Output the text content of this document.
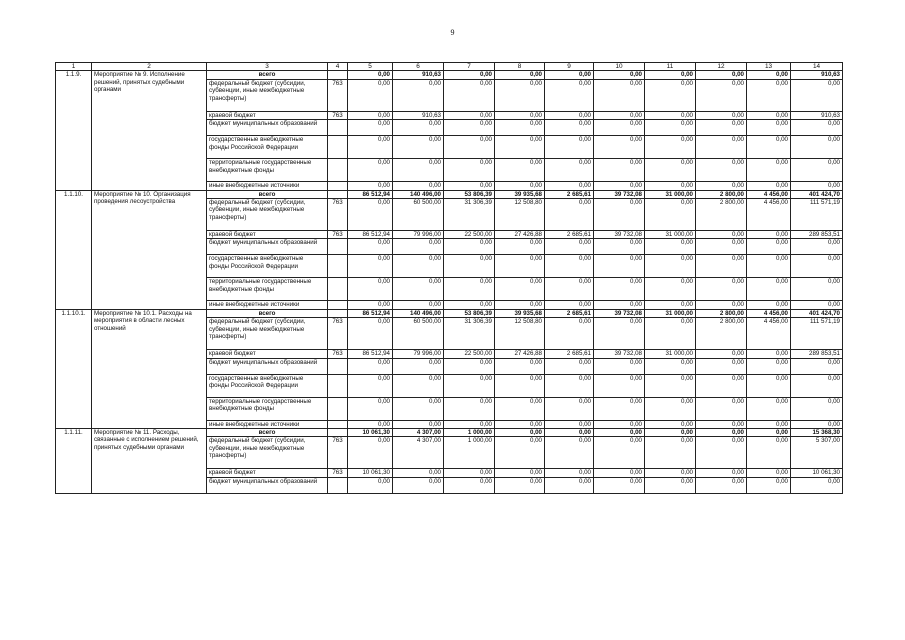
9
1	2	3	4	5	6	7	8	9	10	11	12	13	14
1.1.9.	Мероприятие № 9. Исполнение решений, принятых судебными органами	всего		0,00	910,63	0,00	0,00	0,00	0,00	0,00	0,00	0,00	910,63
		федеральный бюджет (субсидии, субвенции, иные межбюджетные трансферты)	763	0,00	0,00	0,00	0,00	0,00	0,00	0,00	0,00	0,00	0,00
		краевой бюджет	763	0,00	910,63	0,00	0,00	0,00	0,00	0,00	0,00	0,00	910,63
		бюджет муниципальных образований		0,00	0,00	0,00	0,00	0,00	0,00	0,00	0,00	0,00	0,00
		государственные внебюджетные фонды Российской Федерации		0,00	0,00	0,00	0,00	0,00	0,00	0,00	0,00	0,00	0,00
		территориальные государственные внебюджетные фонды		0,00	0,00	0,00	0,00	0,00	0,00	0,00	0,00	0,00	0,00
		иные внебюджетные источники		0,00	0,00	0,00	0,00	0,00	0,00	0,00	0,00	0,00	0,00
1.1.10.	Мероприятие № 10. Организация проведения лесоустройства	всего		86 512,94	140 496,00	53 806,39	39 935,68	2 685,61	39 732,08	31 000,00	2 800,00	4 456,00	401 424,70
		федеральный бюджет (субсидии, субвенции, иные межбюджетные трансферты)	763	0,00	60 500,00	31 306,39	12 508,80	0,00	0,00	0,00	2 800,00	4 456,00	111 571,19
		краевой бюджет	763	86 512,94	79 996,00	22 500,00	27 426,88	2 685,61	39 732,08	31 000,00	0,00	0,00	289 853,51
		бюджет муниципальных образований		0,00	0,00	0,00	0,00	0,00	0,00	0,00	0,00	0,00	0,00
		государственные внебюджетные фонды Российской Федерации		0,00	0,00	0,00	0,00	0,00	0,00	0,00	0,00	0,00	0,00
		территориальные государственные внебюджетные фонды		0,00	0,00	0,00	0,00	0,00	0,00	0,00	0,00	0,00	0,00
		иные внебюджетные источники		0,00	0,00	0,00	0,00	0,00	0,00	0,00	0,00	0,00	0,00
1.1.10.1.	Мероприятие № 10.1. Расходы на мероприятия в области лесных отношений	всего		86 512,94	140 496,00	53 806,39	39 935,68	2 685,61	39 732,08	31 000,00	2 800,00	4 456,00	401 424,70
		федеральный бюджет (субсидии, субвенции, иные межбюджетные трансферты)	763	0,00	60 500,00	31 306,39	12 508,80	0,00	0,00	0,00	2 800,00	4 456,00	111 571,19
		краевой бюджет	763	86 512,94	79 996,00	22 500,00	27 426,88	2 685,61	39 732,08	31 000,00	0,00	0,00	289 853,51
		бюджет муниципальных образований		0,00	0,00	0,00	0,00	0,00	0,00	0,00	0,00	0,00	0,00
		государственные внебюджетные фонды Российской Федерации		0,00	0,00	0,00	0,00	0,00	0,00	0,00	0,00	0,00	0,00
		территориальные государственные внебюджетные фонды		0,00	0,00	0,00	0,00	0,00	0,00	0,00	0,00	0,00	0,00
		иные внебюджетные источники		0,00	0,00	0,00	0,00	0,00	0,00	0,00	0,00	0,00	0,00
1.1.11.	Мероприятие № 11. Расходы, связанные с исполнением решений, принятых судебными органами	всего		10 061,30	4 307,00	1 000,00	0,00	0,00	0,00	0,00	0,00	0,00	15 368,30
		федеральный бюджет (субсидии, субвенции, иные межбюджетные трансферты)	763	0,00	4 307,00	1 000,00	0,00	0,00	0,00	0,00	0,00	0,00	5 307,00
		краевой бюджет	763	10 061,30	0,00	0,00	0,00	0,00	0,00	0,00	0,00	0,00	10 061,30
		бюджет муниципальных образований		0,00	0,00	0,00	0,00	0,00	0,00	0,00	0,00	0,00	0,00
